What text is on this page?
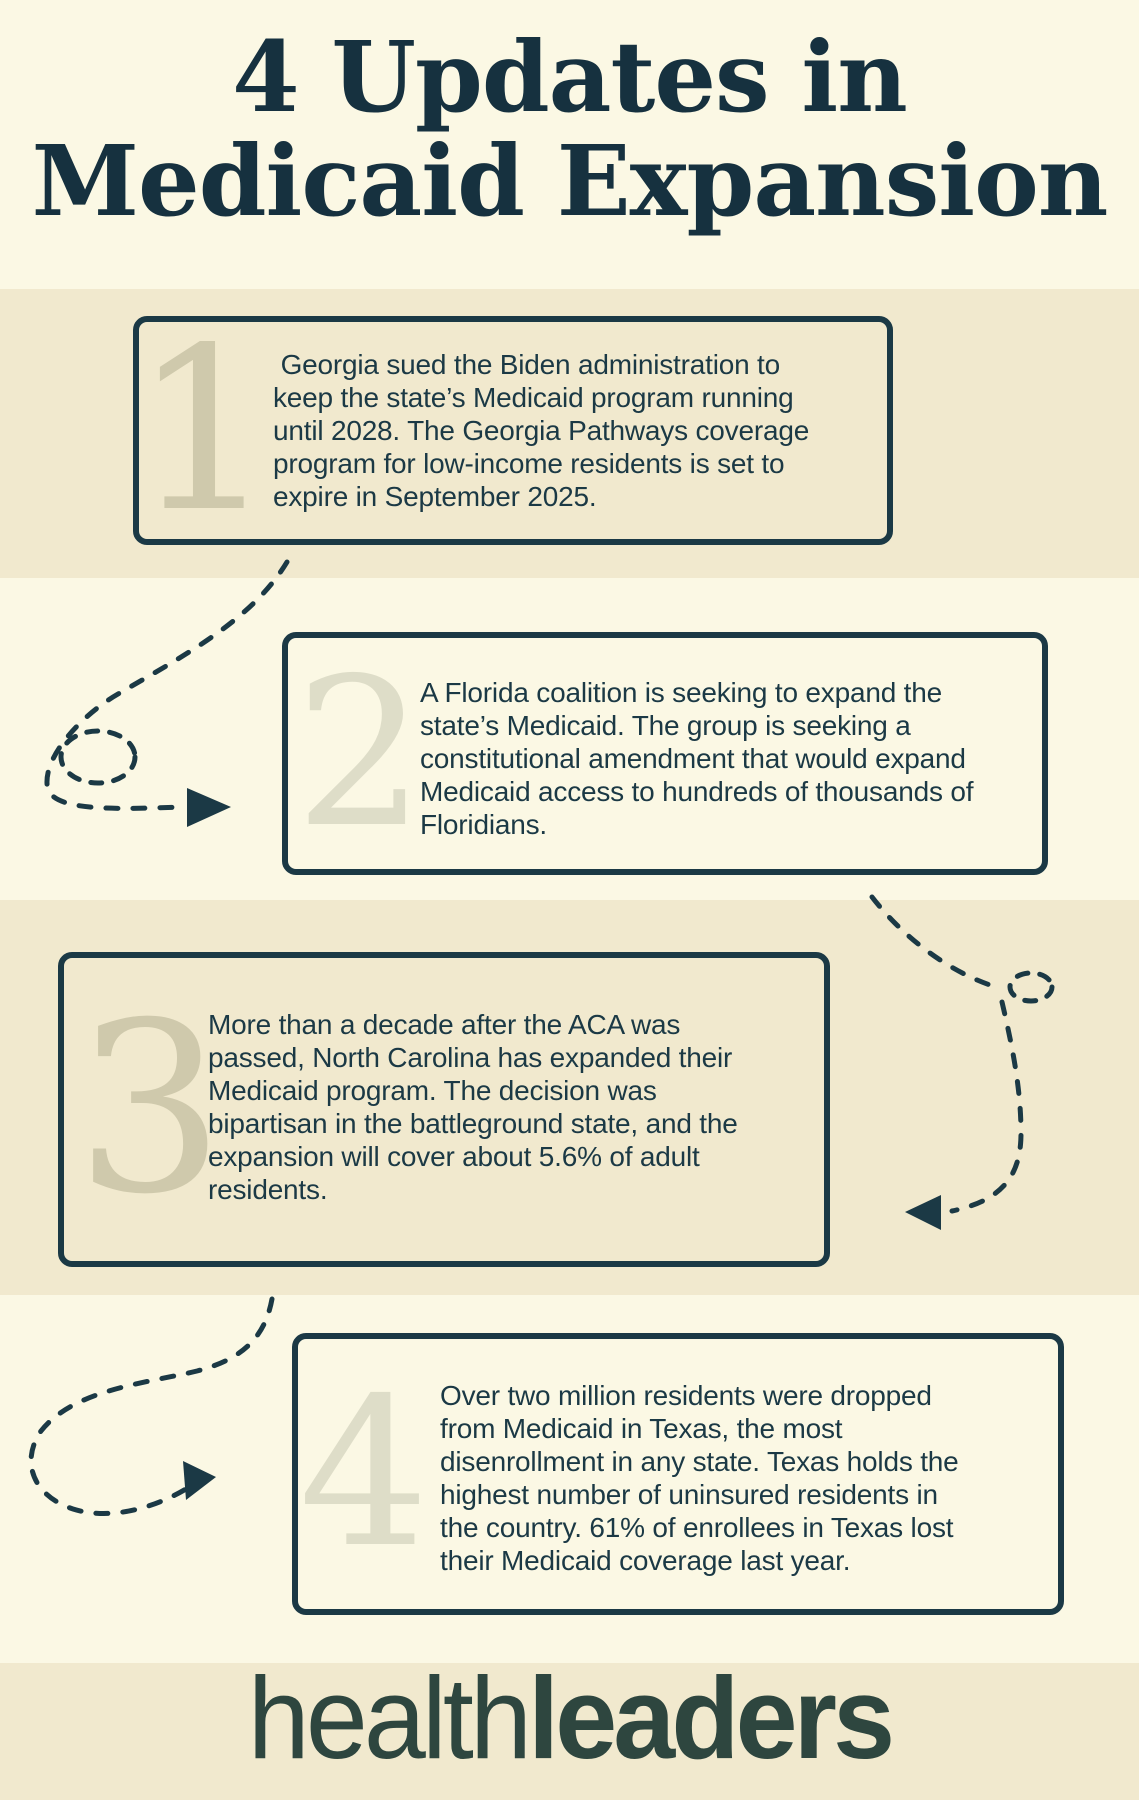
4 Updates in
Medicaid Expansion
1
Georgia sued the Biden administration to
keep the state’s Medicaid program running
until 2028. The Georgia Pathways coverage
program for low-income residents is set to
expire in September 2025.
2
A Florida coalition is seeking to expand the
state’s Medicaid. The group is seeking a
constitutional amendment that would expand
Medicaid access to hundreds of thousands of
Floridians.
3
More than a decade after the ACA was
passed, North Carolina has expanded their
Medicaid program. The decision was
bipartisan in the battleground state, and the
expansion will cover about 5.6% of adult
residents.
4 Over two million residents were dropped
from Medicaid in Texas, the most
disenrollment in any state. Texas holds the
highest number of uninsured residents in
the country. 61% of enrollees in Texas lost
their Medicaid coverage last year.
healthleaders
